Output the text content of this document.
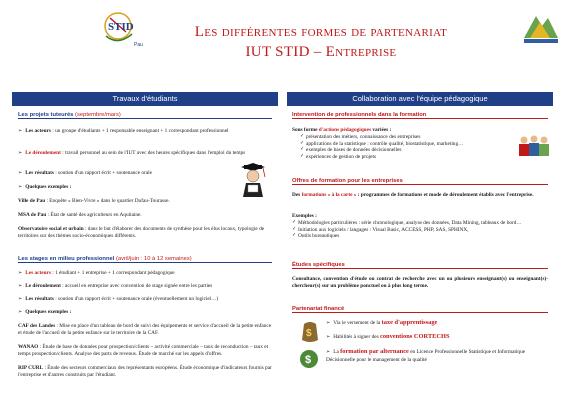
STID
Pau
Les différentes formes de partenariat
IUT STID – Entreprise
Travaux d'étudiants
Les projets tuteurés (septembre/mars)
➢ Les acteurs : un groupe d'étudiants + 1 responsable enseignant + 1 correspondant professionnel
➢ Le déroulement : travail personnel au sein de l'IUT avec des heures spécifiques dans l'emploi du temps
➢ Les résultats : soutien d'un rapport écrit + soutenance orale
➢ Quelques exemples :
Ville de Pau : Enquête « Bien-Vivre » dans le quartier Dufau-Tourasse.
MSA de Pau : État de santé des agriculteurs en Aquitaine.
Observatoire social et urbain : dans le but d'élaborer des documents de synthèse pour les élus locaux, typologie de territoires sur des thèmes socio-économiques différents.
Les stages en milieu professionnel (avril/juin : 10 à 12 semaines)
➢ Les acteurs : 1 étudiant + 1 entreprise + 1 correspondant pédagogique
➢ Le déroulement : accueil en entreprise avec convention de stage signée entre les parties
➢ Les résultats : soutien d'un rapport écrit + soutenance orale (éventuellement un logiciel…)
➢ Quelques exemples :
CAF des Landes : Mise en place d'un tableau de bord de suivi des équipements et service d'accueil de la petite enfance et étude de l'accueil de la petite enfance sur le territoire de la CAF.
WANAO : Étude de base de données pour prospection/clients – activité commerciale – taux de reconduction – taux et temps prospection/clients. Analyse des parts de revenus. Étude de marché sur les appels d'offres.
RIP CURL : Étude des secteurs commerciaux des représentants européens. Étude économique d'indicateurs fournis par l'entreprise et d'autres construits par l'étudiant.
Collaboration avec l'équipe pédagogique
Intervention de professionnels dans la formation
Sous forme d'actions pédagogiques variées :
✓ présentation des métiers, connaissance des entreprises
✓ applications de la statistique : contrôle qualité, biostatistique, marketing…
✓ exemples de bases de données décisionnelles
✓ expériences de gestion de projets
Offres de formation pour les entreprises
Des formations « à la carte » : programmes de formations et mode de déroulement établis avec l'entreprise.
Exemples :
✓ Méthodologies particulières : série chronologique, analyse des données, Data Mining, tableaux de bord…
✓ Initiation aux logiciels / langages : Visual Basic, ACCESS, PHP, SAS, SPHINX,
✓ Outils bureautiques
Études spécifiques
Consultance, convention d'étude ou contrat de recherche avec un ou plusieurs enseignant(s) ou enseignant(s)-chercheur(s) sur un problème ponctuel ou à plus long terme.
Partenariat financé
$
$
➢ Via le versement de la taxe d'apprentissage
➢ Habilités à signer des conventions CORTECHS
➢ La formation par alternance en Licence Professionnelle Statistique et Informatique Décisionnelle pour le management de la qualité
